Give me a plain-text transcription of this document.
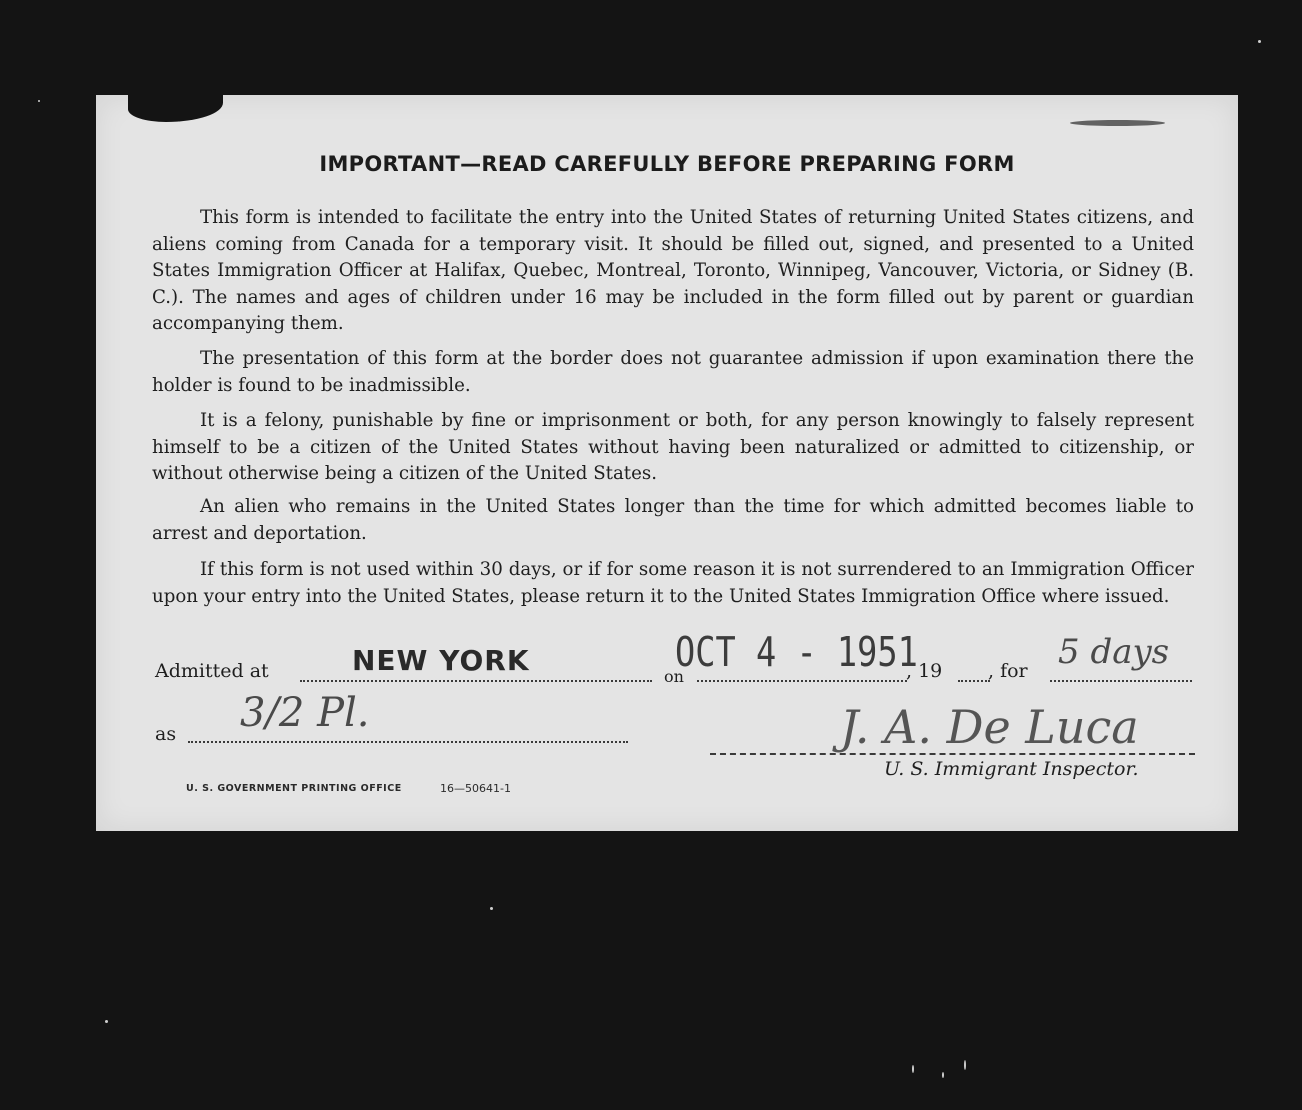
IMPORTANT—READ CAREFULLY BEFORE PREPARING FORM

This form is intended to facilitate the entry into the United States of returning United States citizens, and aliens coming from Canada for a temporary visit. It should be filled out, signed, and presented to a United States Immigration Officer at Halifax, Quebec, Montreal, Toronto, Winnipeg, Vancouver, Victoria, or Sidney (B. C.). The names and ages of children under 16 may be included in the form filled out by parent or guardian accompanying them.

The presentation of this form at the border does not guarantee admission if upon examination there the holder is found to be inadmissible.

It is a felony, punishable by fine or imprisonment or both, for any person knowingly to falsely represent himself to be a citizen of the United States without having been naturalized or admitted to citizenship, or without otherwise being a citizen of the United States.

An alien who remains in the United States longer than the time for which admitted becomes liable to arrest and deportation.

If this form is not used within 30 days, or if for some reason it is not surrendered to an Immigration Officer upon your entry into the United States, please return it to the United States Immigration Office where issued.

Admitted at	NEW YORK	on
OCT 4 - 1951
, 19 , for 5 days
as 3/2 Pl.	J. A. De Luca
U. S. Immigrant Inspector.
U. S. GOVERNMENT PRINTING OFFICE	16—50641-1
